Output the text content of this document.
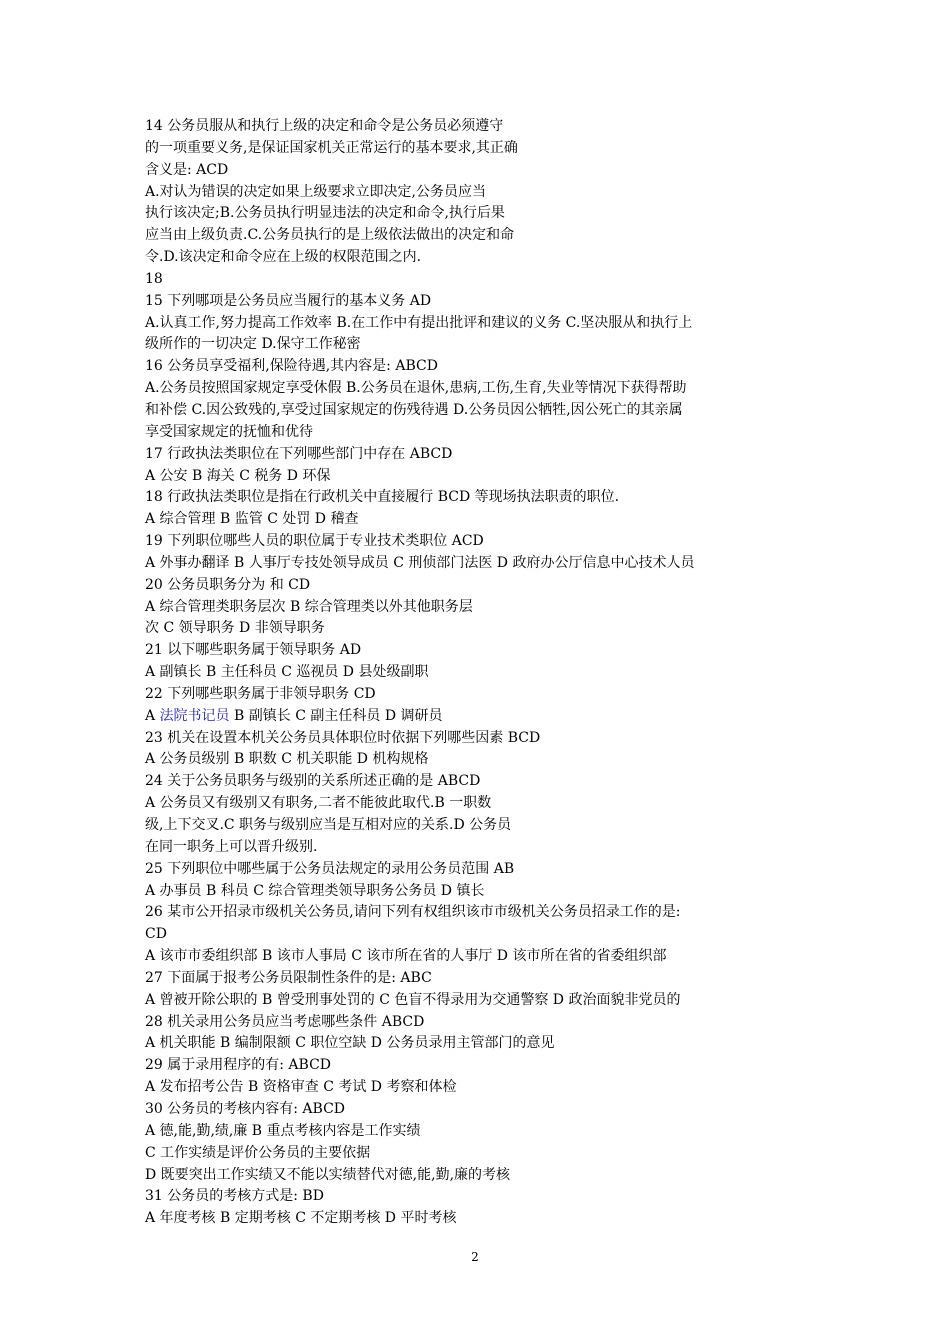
14 公务员服从和执行上级的决定和命令是公务员必须遵守
的一项重要义务,是保证国家机关正常运行的基本要求,其正确
含义是: ACD
A.对认为错误的决定如果上级要求立即决定,公务员应当
执行该决定;B.公务员执行明显违法的决定和命令,执行后果
应当由上级负责.C.公务员执行的是上级依法做出的决定和命
令.D.该决定和命令应在上级的权限范围之内.
18
15 下列哪项是公务员应当履行的基本义务 AD
A.认真工作,努力提高工作效率 B.在工作中有提出批评和建议的义务 C.坚决服从和执行上
级所作的一切决定 D.保守工作秘密
16 公务员享受福利,保险待遇,其内容是: ABCD
A.公务员按照国家规定享受休假 B.公务员在退休,患病,工伤,生育,失业等情况下获得帮助
和补偿 C.因公致残的,享受过国家规定的伤残待遇 D.公务员因公牺牲,因公死亡的其亲属
享受国家规定的抚恤和优待
17 行政执法类职位在下列哪些部门中存在 ABCD
A 公安 B 海关 C 税务 D 环保
18 行政执法类职位是指在行政机关中直接履行 BCD 等现场执法职责的职位.
A 综合管理 B 监管 C 处罚 D 稽查
19 下列职位哪些人员的职位属于专业技术类职位 ACD
A 外事办翻译 B 人事厅专技处领导成员 C 刑侦部门法医 D 政府办公厅信息中心技术人员
20 公务员职务分为 和 CD
A 综合管理类职务层次 B 综合管理类以外其他职务层
次 C 领导职务 D 非领导职务
21 以下哪些职务属于领导职务 AD
A 副镇长 B 主任科员 C 巡视员 D 县处级副职
22 下列哪些职务属于非领导职务 CD
A 法院书记员 B 副镇长 C 副主任科员 D 调研员
23 机关在设置本机关公务员具体职位时依据下列哪些因素 BCD
A 公务员级别 B 职数 C 机关职能 D 机构规格
24 关于公务员职务与级别的关系所述正确的是 ABCD
A 公务员又有级别又有职务,二者不能彼此取代.B 一职数
级,上下交叉.C 职务与级别应当是互相对应的关系.D 公务员
在同一职务上可以晋升级别.
25 下列职位中哪些属于公务员法规定的录用公务员范围 AB
A 办事员 B 科员 C 综合管理类领导职务公务员 D 镇长
26 某市公开招录市级机关公务员,请问下列有权组织该市市级机关公务员招录工作的是:
CD
A 该市市委组织部 B 该市人事局 C 该市所在省的人事厅 D 该市所在省的省委组织部
27 下面属于报考公务员限制性条件的是: ABC
A 曾被开除公职的 B 曾受刑事处罚的 C 色盲不得录用为交通警察 D 政治面貌非党员的
28 机关录用公务员应当考虑哪些条件 ABCD
A 机关职能 B 编制限额 C 职位空缺 D 公务员录用主管部门的意见
29 属于录用程序的有: ABCD
A 发布招考公告 B 资格审查 C 考试 D 考察和体检
30 公务员的考核内容有: ABCD
A 德,能,勤,绩,廉 B 重点考核内容是工作实绩
C 工作实绩是评价公务员的主要依据
D 既要突出工作实绩又不能以实绩替代对德,能,勤,廉的考核
31 公务员的考核方式是: BD
A 年度考核 B 定期考核 C 不定期考核 D 平时考核
2
